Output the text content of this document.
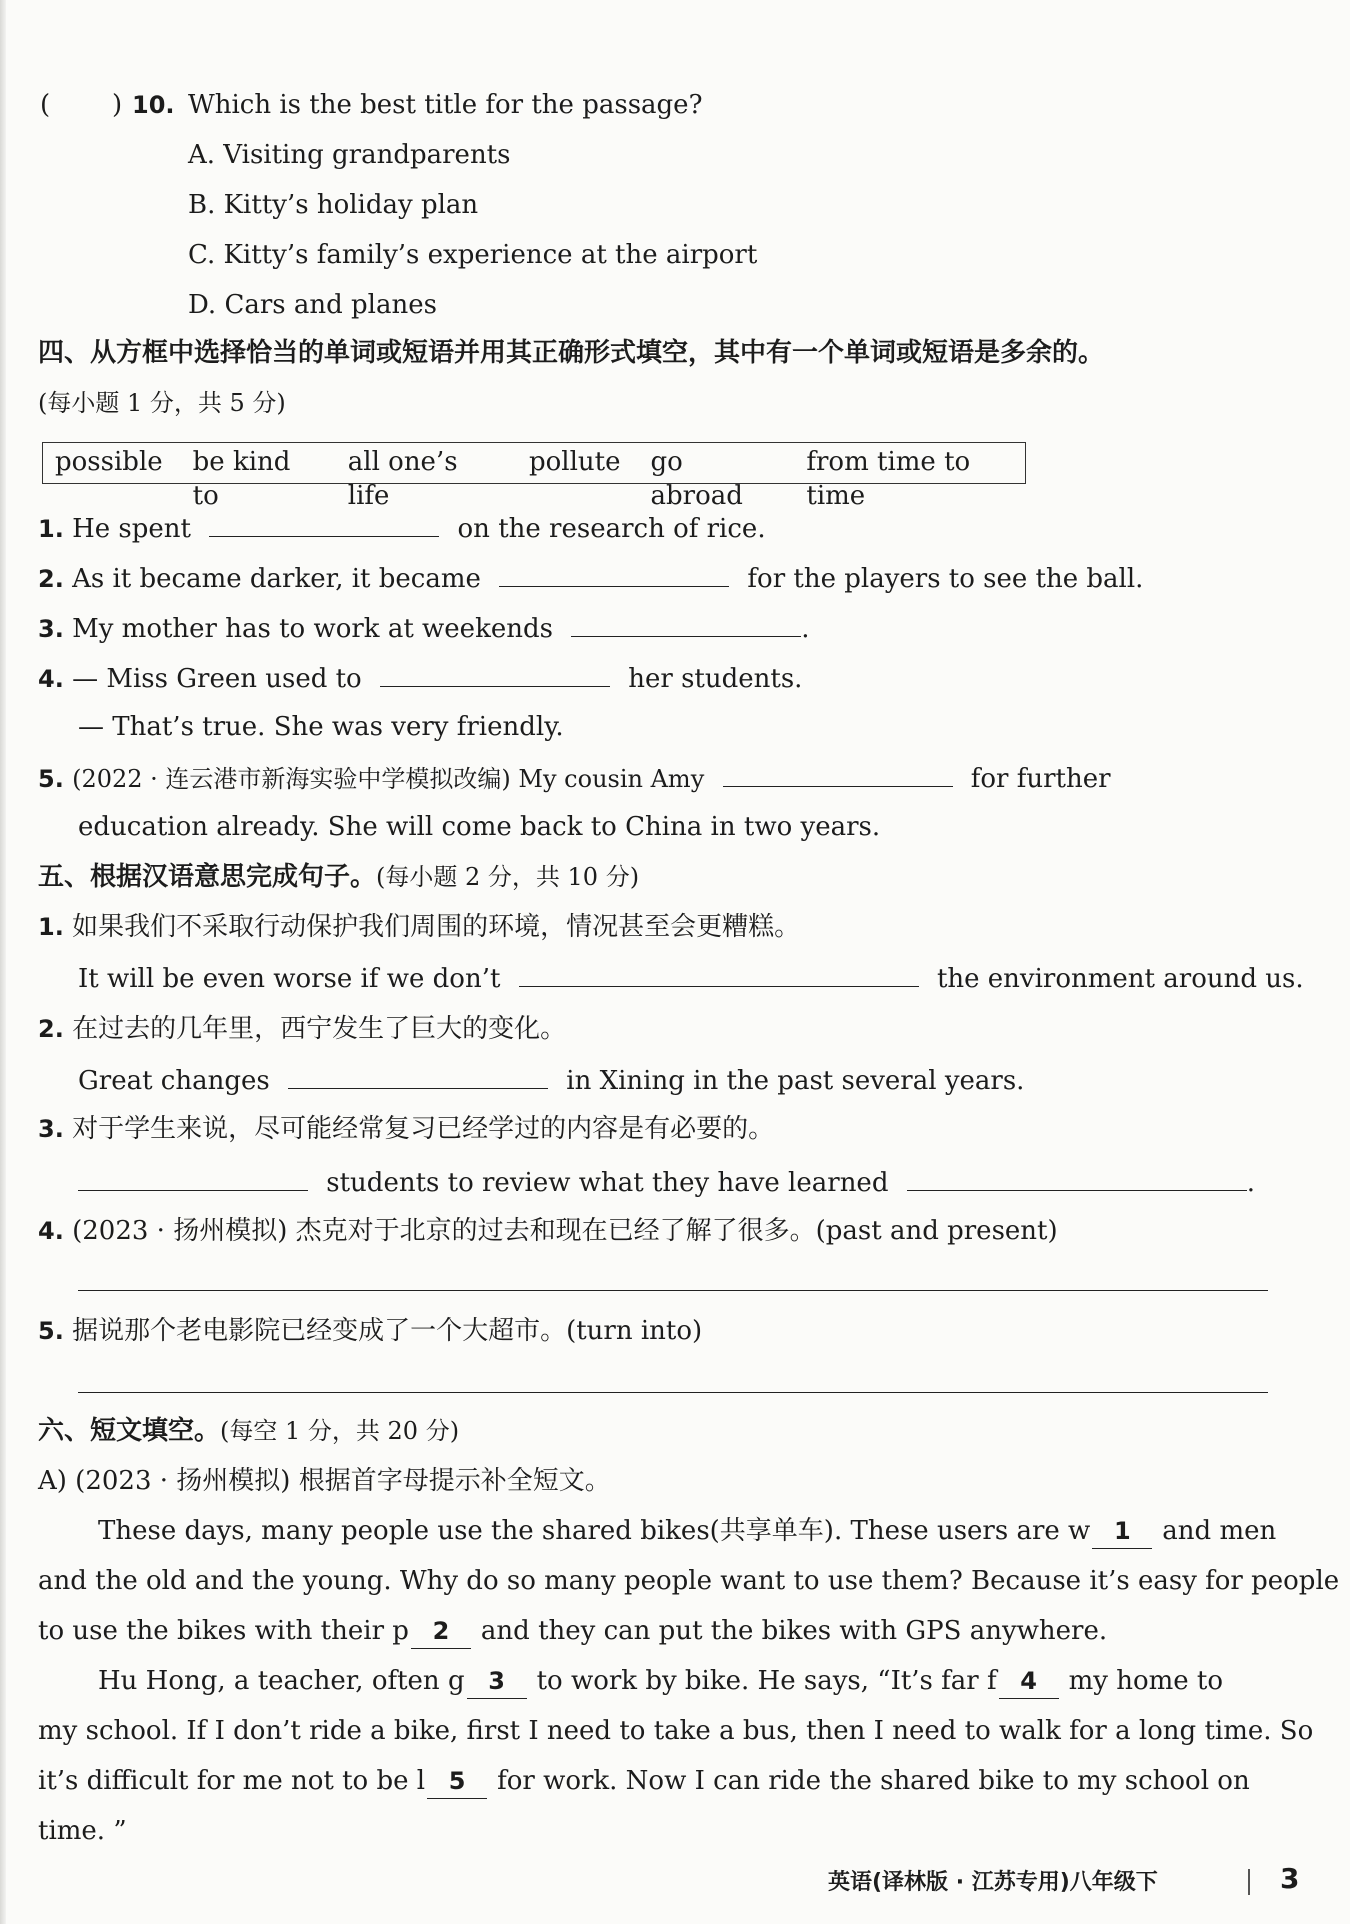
( ) 10. Which is the best title for the passage?
A. Visiting grandparents
B. Kitty’s holiday plan
C. Kitty’s family’s experience at the airport
D. Cars and planes
四、从方框中选择恰当的单词或短语并用其正确形式填空，其中有一个单词或短语是多余的。
(每小题 1 分，共 5 分)
possible be kind to
all one’s life
pollute go abroad
from time to time
1. He spent	on the research of rice.
2. As it became darker, it became	for the players to see the ball.
3. My mother has to work at weekends	.
4. — Miss Green used to	her students.
— That’s true. She was very friendly.
5. (2022 · 连云港市新海实验中学模拟改编) My cousin Amy	for further
education already. She will come back to China in two years.
五、根据汉语意思完成句子。(每小题 2 分，共 10 分)
1. 如果我们不采取行动保护我们周围的环境，情况甚至会更糟糕。
It will be even worse if we don’t	the environment around us.
2. 在过去的几年里，西宁发生了巨大的变化。
Great changes	in Xining in the past several years.
3. 对于学生来说，尽可能经常复习已经学过的内容是有必要的。
students to review what they have learned	.
4. (2023 · 扬州模拟) 杰克对于北京的过去和现在已经了解了很多。(past and present)
5. 据说那个老电影院已经变成了一个大超市。(turn into)
六、短文填空。(每空 1 分，共 20 分)
A) (2023 · 扬州模拟) 根据首字母提示补全短文。
These days, many people use the shared bikes(共享单车). These users are w 1 and men
and the old and the young. Why do so many people want to use them? Because it’s easy for people
to use the bikes with their p 2 and they can put the bikes with GPS anywhere.
Hu Hong, a teacher, often g 3 to work by bike. He says, “It’s far f 4 my home to
my school. If I don’t ride a bike, first I need to take a bus, then I need to walk for a long time. So
it’s difficult for me not to be l 5 for work. Now I can ride the shared bike to my school on
time. ”
英语(译林版 · 江苏专用)八年级下	3
